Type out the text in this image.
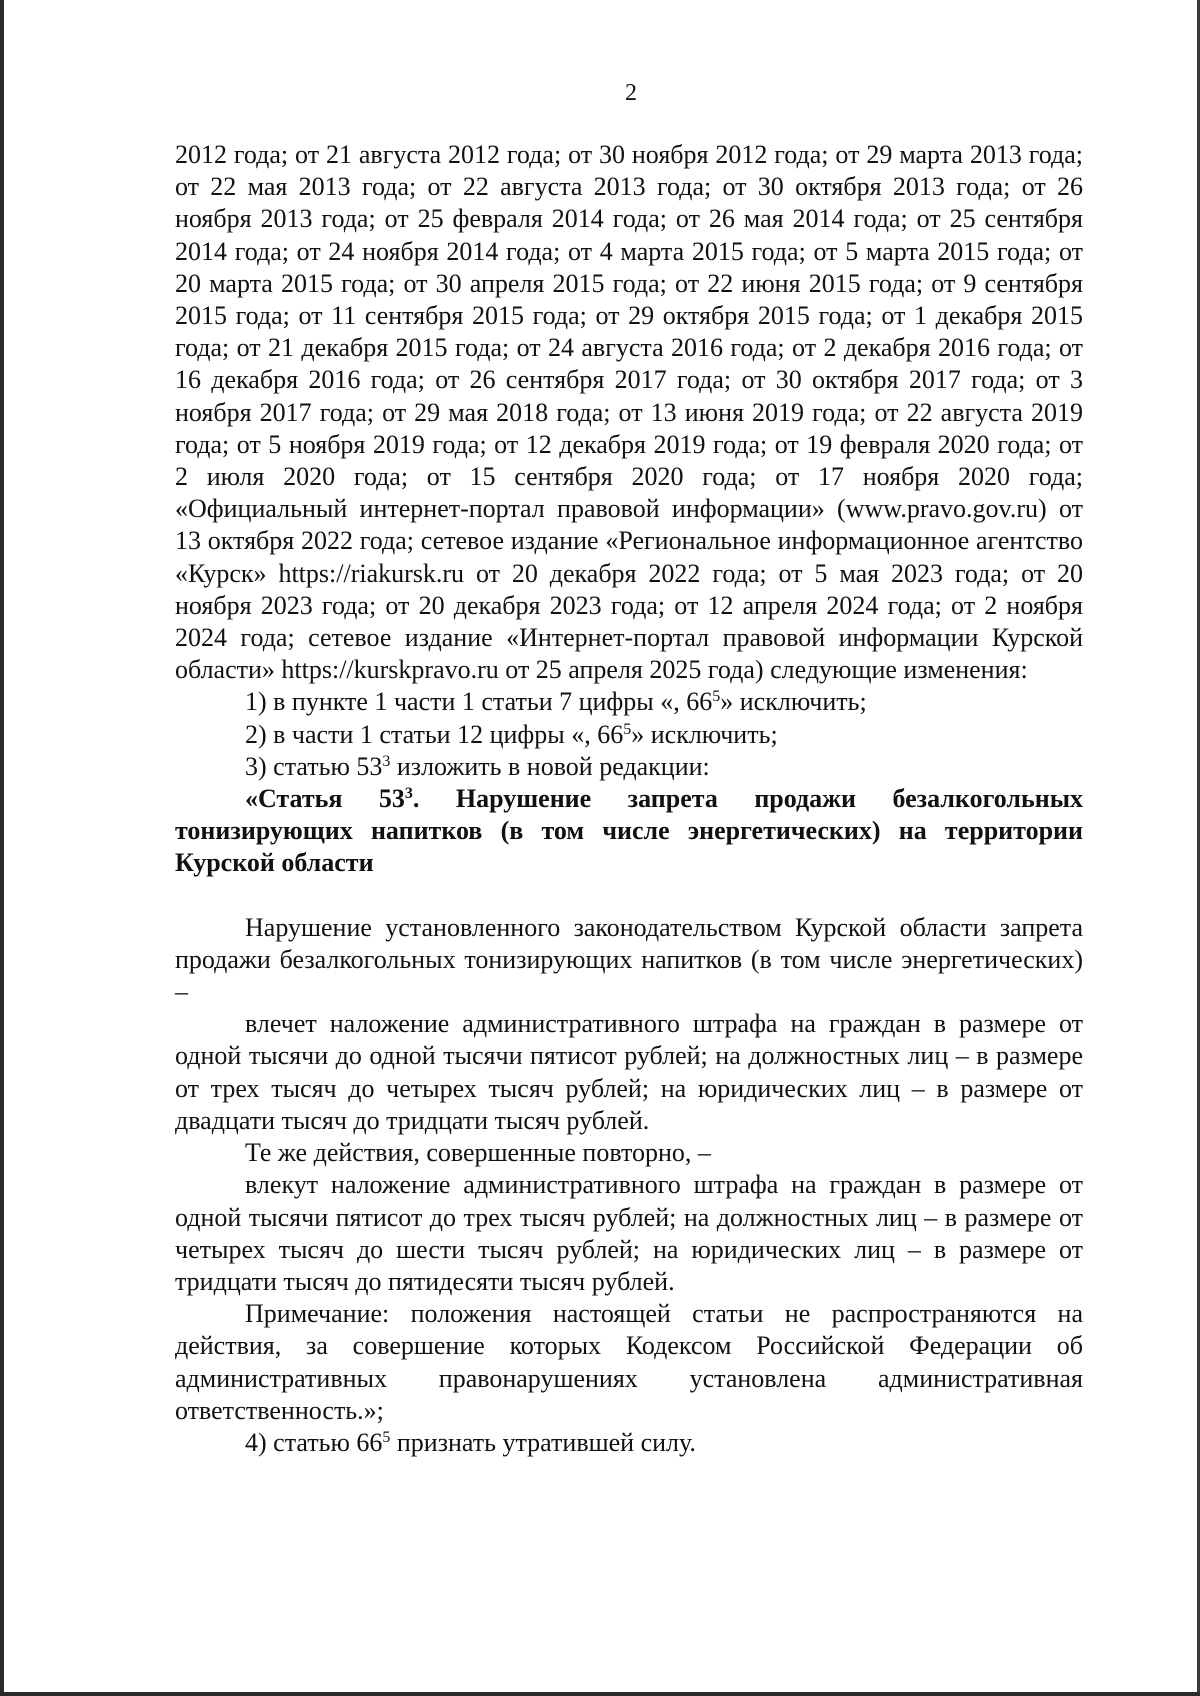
2

2012 года; от 21 августа 2012 года; от 30 ноября 2012 года; от 29 марта 2013 года; от 22 мая 2013 года; от 22 августа 2013 года; от 30 октября 2013 года; от 26 ноября 2013 года; от 25 февраля 2014 года; от 26 мая 2014 года; от 25 сентября 2014 года; от 24 ноября 2014 года; от 4 марта 2015 года; от 5 марта 2015 года; от 20 марта 2015 года; от 30 апреля 2015 года; от 22 июня 2015 года; от 9 сентября 2015 года; от 11 сентября 2015 года; от 29 октября 2015 года; от 1 декабря 2015 года; от 21 декабря 2015 года; от 24 августа 2016 года; от 2 декабря 2016 года; от 16 декабря 2016 года; от 26 сентября 2017 года; от 30 октября 2017 года; от 3 ноября 2017 года; от 29 мая 2018 года; от 13 июня 2019 года; от 22 августа 2019 года; от 5 ноября 2019 года; от 12 декабря 2019 года; от 19 февраля 2020 года; от 2 июля 2020 года; от 15 сентября 2020 года; от 17 ноября 2020 года; «Официальный интернет-портал правовой информации» (www.pravo.gov.ru) от 13 октября 2022 года; сетевое издание «Региональное информационное агентство «Курск» https://riakursk.ru от 20 декабря 2022 года; от 5 мая 2023 года; от 20 ноября 2023 года; от 20 декабря 2023 года; от 12 апреля 2024 года; от 2 ноября 2024 года; сетевое издание «Интернет-портал правовой информации Курской области» https://kurskpravo.ru от 25 апреля 2025 года) следующие изменения:

1) в пункте 1 части 1 статьи 7 цифры «, $66^5$» исключить;

2) в части 1 статьи 12 цифры «, $66^5$» исключить;

3) статью $53^3$ изложить в новой редакции:

«Статья $53^3$. Нарушение запрета продажи безалкогольных тонизирующих напитков (в том числе энергетических) на территории Курской области

Нарушение установленного законодательством Курской области запрета продажи безалкогольных тонизирующих напитков (в том числе энергетических) –

влечет наложение административного штрафа на граждан в размере от одной тысячи до одной тысячи пятисот рублей; на должностных лиц – в размере от трех тысяч до четырех тысяч рублей; на юридических лиц – в размере от двадцати тысяч до тридцати тысяч рублей.

Те же действия, совершенные повторно, –

влекут наложение административного штрафа на граждан в размере от одной тысячи пятисот до трех тысяч рублей; на должностных лиц – в размере от четырех тысяч до шести тысяч рублей; на юридических лиц – в размере от тридцати тысяч до пятидесяти тысяч рублей.

Примечание: положения настоящей статьи не распространяются на действия, за совершение которых Кодексом Российской Федерации об административных правонарушениях установлена административная ответственность.»;

4) статью $66^5$ признать утратившей силу.
